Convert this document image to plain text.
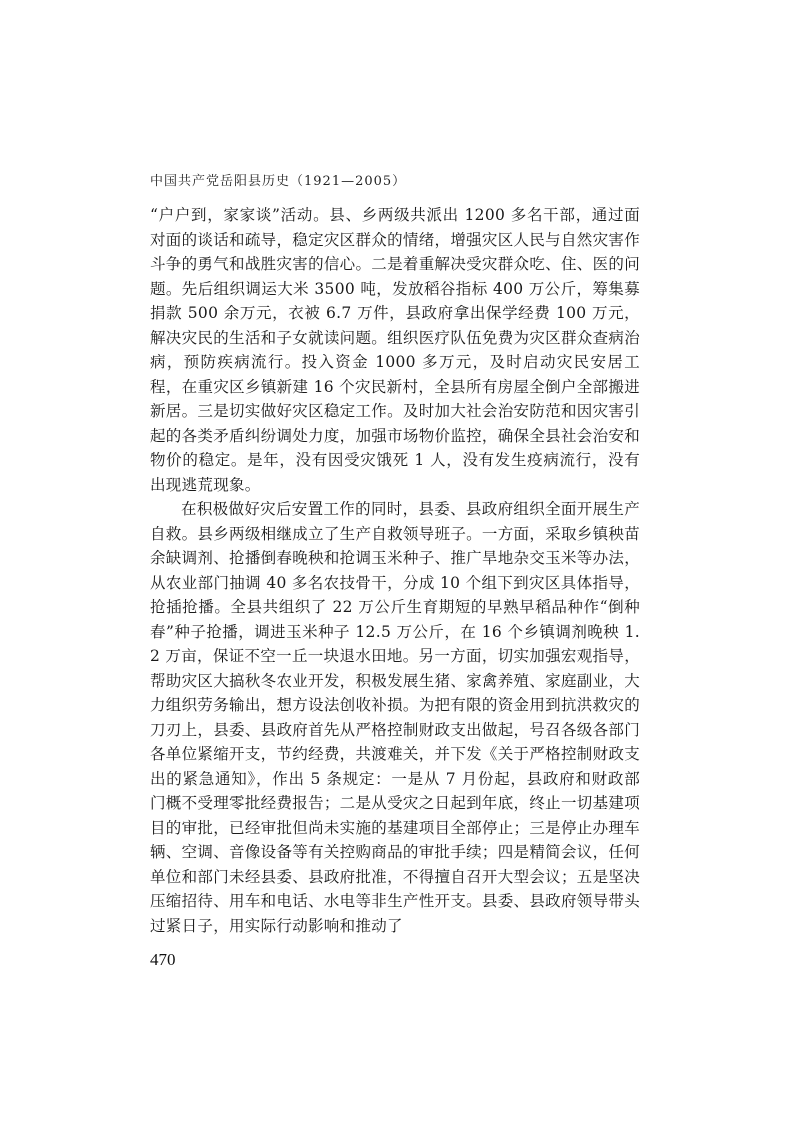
中国共产党岳阳县历史（1921—2005）

“户户到，家家谈”活动。县、乡两级共派出 1200 多名干部，通过面对面的谈话和疏导，稳定灾区群众的情绪，增强灾区人民与自然灾害作斗争的勇气和战胜灾害的信心。二是着重解决受灾群众吃、住、医的问题。先后组织调运大米 3500 吨，发放稻谷指标 400 万公斤，筹集募捐款 500 余万元，衣被 6.7 万件，县政府拿出保学经费 100 万元，解决灾民的生活和子女就读问题。组织医疗队伍免费为灾区群众查病治病，预防疾病流行。投入资金 1000 多万元，及时启动灾民安居工程，在重灾区乡镇新建 16 个灾民新村，全县所有房屋全倒户全部搬进新居。三是切实做好灾区稳定工作。及时加大社会治安防范和因灾害引起的各类矛盾纠纷调处力度，加强市场物价监控，确保全县社会治安和物价的稳定。是年，没有因受灾饿死 1 人，没有发生疫病流行，没有出现逃荒现象。

在积极做好灾后安置工作的同时，县委、县政府组织全面开展生产自救。县乡两级相继成立了生产自救领导班子。一方面，采取乡镇秧苗余缺调剂、抢播倒春晚秧和抢调玉米种子、推广旱地杂交玉米等办法，从农业部门抽调 40 多名农技骨干，分成 10 个组下到灾区具体指导，抢插抢播。全县共组织了 22 万公斤生育期短的早熟早稻品种作“倒种春”种子抢播，调进玉米种子 12.5 万公斤，在 16 个乡镇调剂晚秧 1.2 万亩，保证不空一丘一块退水田地。另一方面，切实加强宏观指导，帮助灾区大搞秋冬农业开发，积极发展生猪、家禽养殖、家庭副业，大力组织劳务输出，想方设法创收补损。为把有限的资金用到抗洪救灾的刀刃上，县委、县政府首先从严格控制财政支出做起，号召各级各部门各单位紧缩开支，节约经费，共渡难关，并下发《关于严格控制财政支出的紧急通知》，作出 5 条规定：一是从 7 月份起，县政府和财政部门概不受理零批经费报告；二是从受灾之日起到年底，终止一切基建项目的审批，已经审批但尚未实施的基建项目全部停止；三是停止办理车辆、空调、音像设备等有关控购商品的审批手续；四是精简会议，任何单位和部门未经县委、县政府批准，不得擅自召开大型会议；五是坚决压缩招待、用车和电话、水电等非生产性开支。县委、县政府领导带头过紧日子，用实际行动影响和推动了

470
